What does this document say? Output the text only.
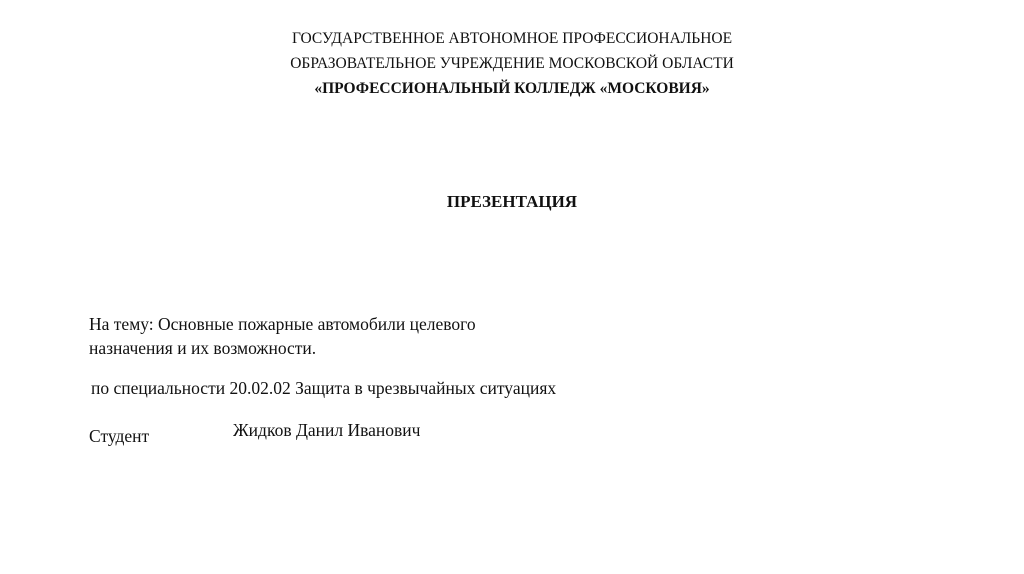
ГОСУДАРСТВЕННОЕ АВТОНОМНОЕ ПРОФЕССИОНАЛЬНОЕ
ОБРАЗОВАТЕЛЬНОЕ УЧРЕЖДЕНИЕ МОСКОВСКОЙ ОБЛАСТИ
«ПРОФЕССИОНАЛЬНЫЙ КОЛЛЕДЖ «МОСКОВИЯ»
ПРЕЗЕНТАЦИЯ
На тему: Основные пожарные автомобили целевого
назначения и их возможности.
по специальности 20.02.02 Защита в чрезвычайных ситуациях
Студент	Жидков Данил Иванович
